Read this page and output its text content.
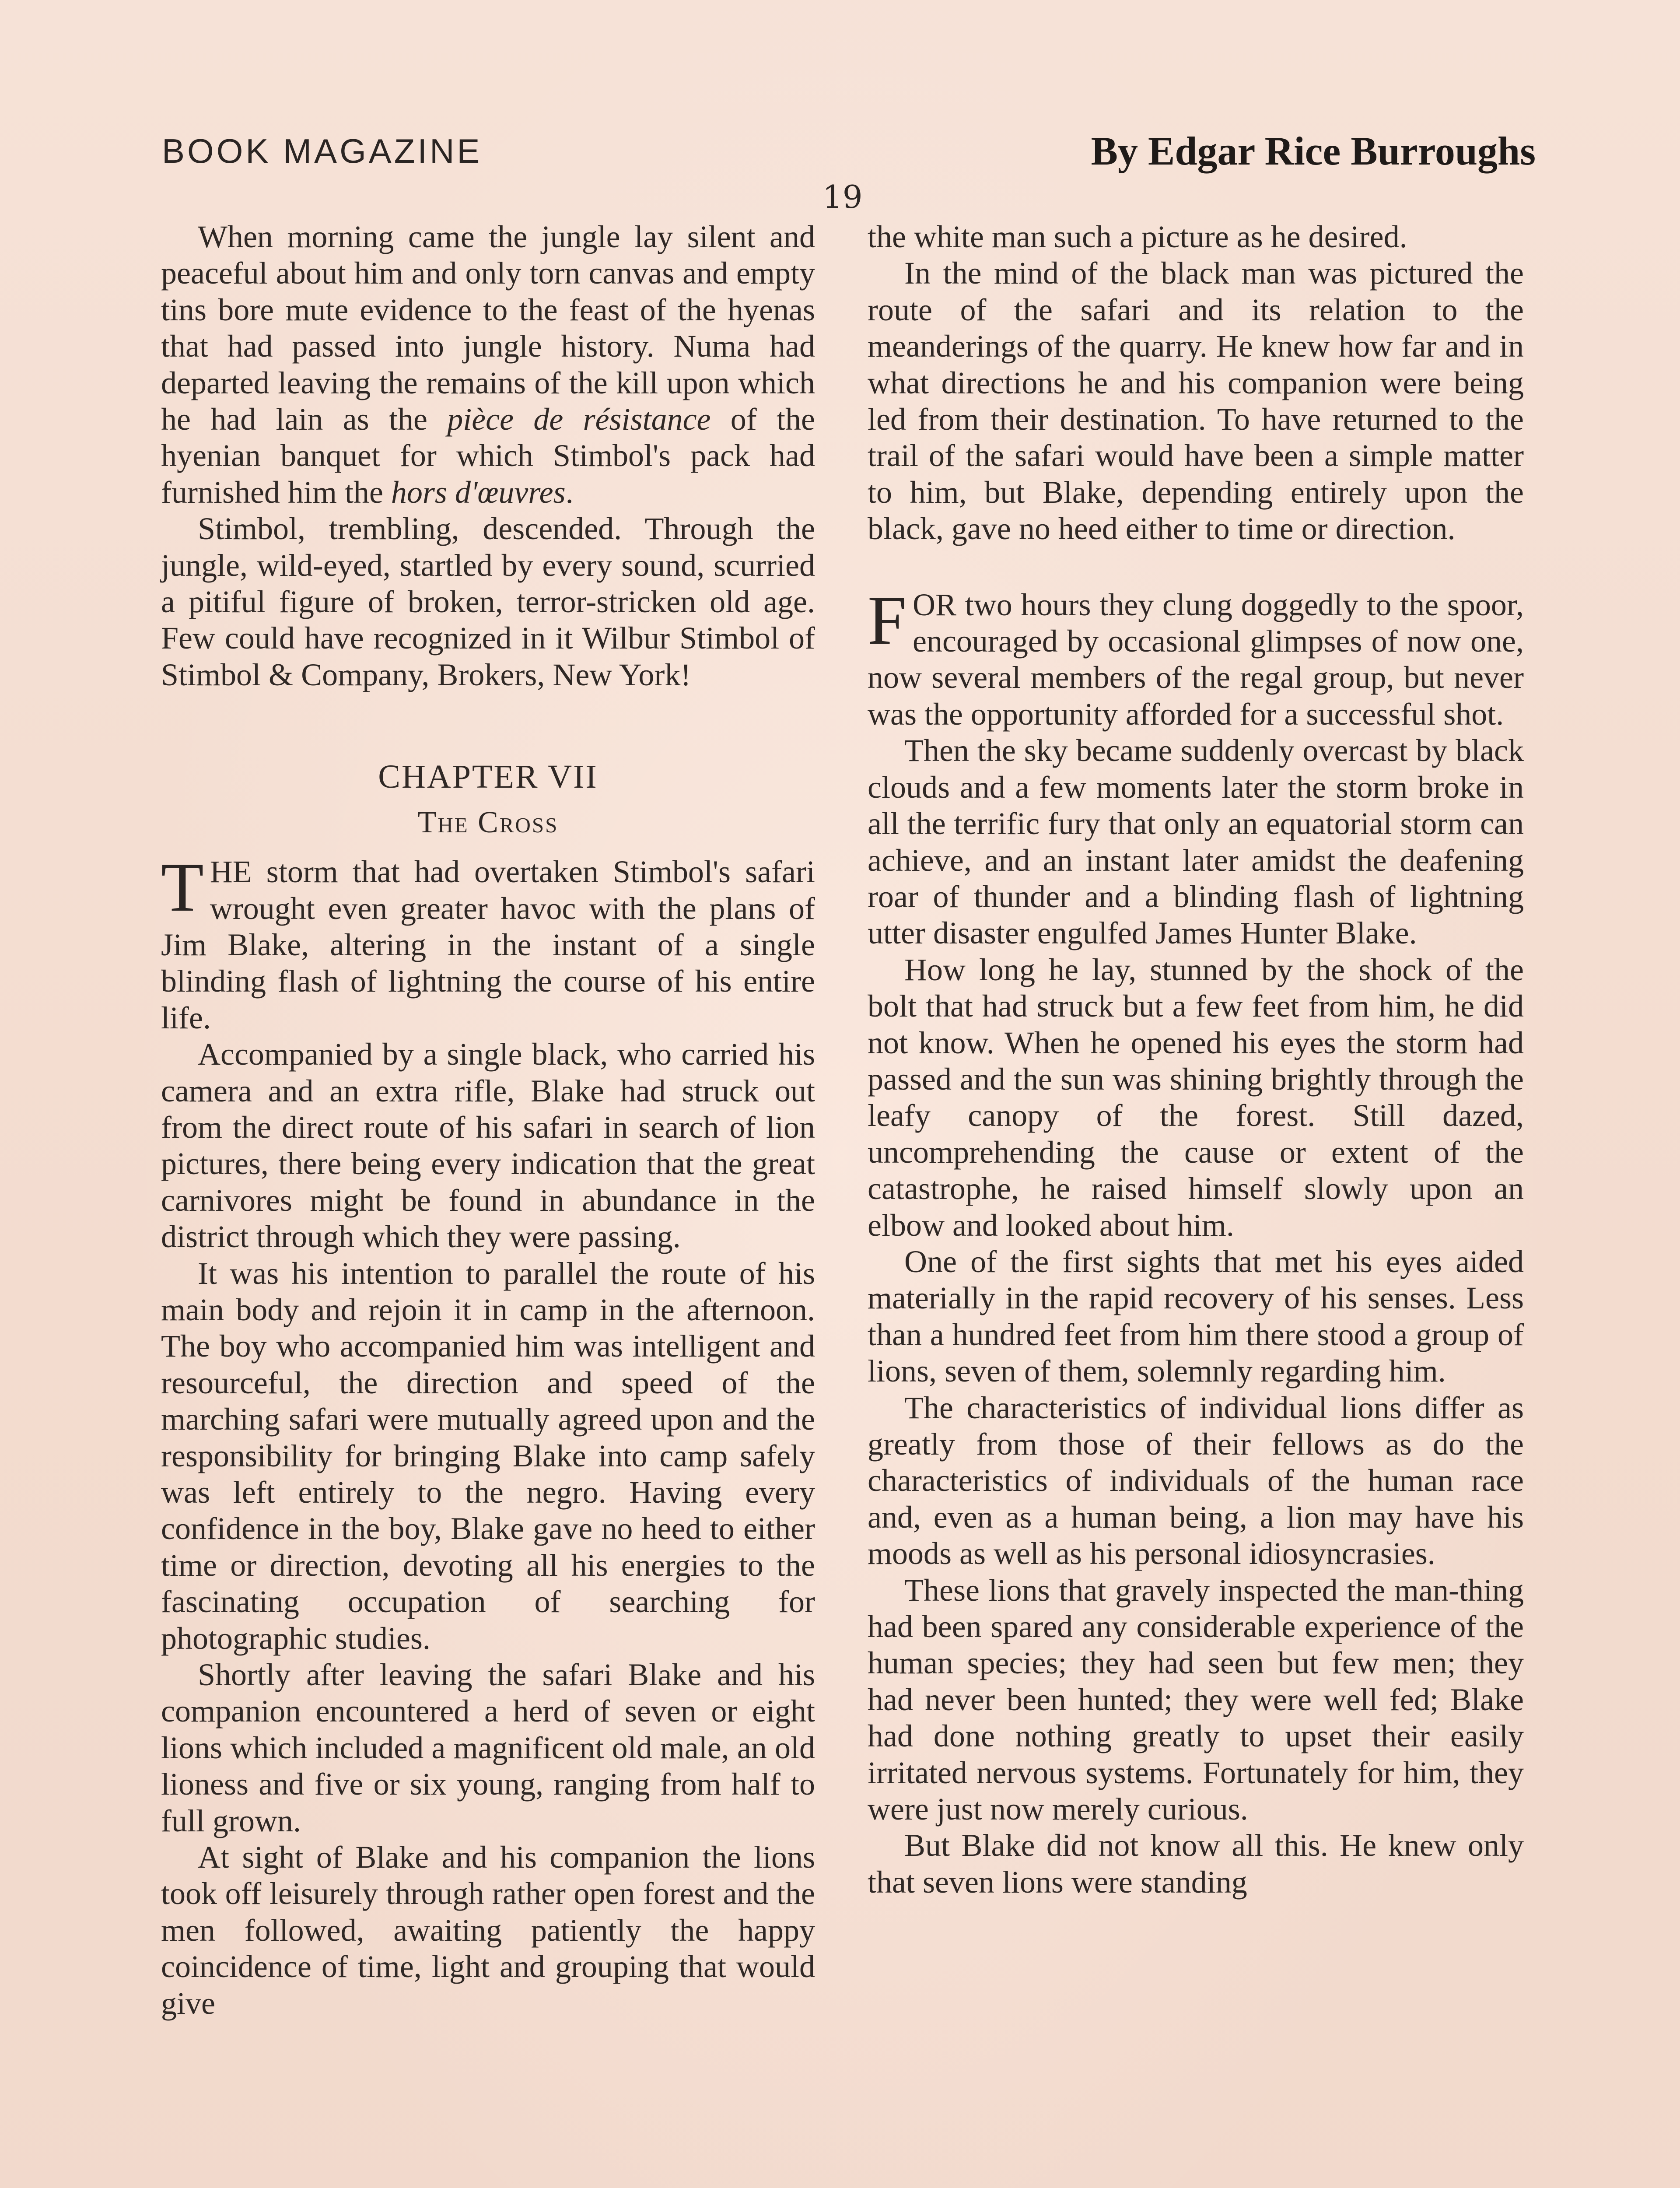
BOOK MAGAZINE	By Edgar Rice Burroughs
19

When morning came the jungle lay silent and peaceful about him and only torn canvas and empty tins bore mute evidence to the feast of the hyenas that had passed into jungle history. Numa had departed leaving the remains of the kill upon which he had lain as the pièce de résistance of the hyenian banquet for which Stimbol's pack had furnished him the hors d'œuvres.

Stimbol, trembling, descended. Through the jungle, wild-eyed, startled by every sound, scurried a pitiful figure of broken, terror-stricken old age. Few could have recognized in it Wilbur Stimbol of Stimbol & Company, Brokers, New York!

CHAPTER VII
The Cross

THE storm that had overtaken Stimbol's safari wrought even greater havoc with the plans of Jim Blake, altering in the instant of a single blinding flash of lightning the course of his entire life.

Accompanied by a single black, who carried his camera and an extra rifle, Blake had struck out from the direct route of his safari in search of lion pictures, there being every indication that the great carnivores might be found in abundance in the district through which they were passing.

It was his intention to parallel the route of his main body and rejoin it in camp in the afternoon. The boy who accompanied him was intelligent and resourceful, the direction and speed of the marching safari were mutually agreed upon and the responsibility for bringing Blake into camp safely was left entirely to the negro. Having every confidence in the boy, Blake gave no heed to either time or direction, devoting all his energies to the fascinating occupation of searching for photographic studies.

Shortly after leaving the safari Blake and his companion encountered a herd of seven or eight lions which included a magnificent old male, an old lioness and five or six young, ranging from half to full grown.

At sight of Blake and his companion the lions took off leisurely through rather open forest and the men followed, awaiting patiently the happy coincidence of time, light and grouping that would give

the white man such a picture as he desired.

In the mind of the black man was pictured the route of the safari and its relation to the meanderings of the quarry. He knew how far and in what directions he and his companion were being led from their destination. To have returned to the trail of the safari would have been a simple matter to him, but Blake, depending entirely upon the black, gave no heed either to time or direction.

FOR two hours they clung doggedly to the spoor, encouraged by occasional glimpses of now one, now several members of the regal group, but never was the opportunity afforded for a successful shot.

Then the sky became suddenly overcast by black clouds and a few moments later the storm broke in all the terrific fury that only an equatorial storm can achieve, and an instant later amidst the deafening roar of thunder and a blinding flash of lightning utter disaster engulfed James Hunter Blake.

How long he lay, stunned by the shock of the bolt that had struck but a few feet from him, he did not know. When he opened his eyes the storm had passed and the sun was shining brightly through the leafy canopy of the forest. Still dazed, uncomprehending the cause or extent of the catastrophe, he raised himself slowly upon an elbow and looked about him.

One of the first sights that met his eyes aided materially in the rapid recovery of his senses. Less than a hundred feet from him there stood a group of lions, seven of them, solemnly regarding him.

The characteristics of individual lions differ as greatly from those of their fellows as do the characteristics of individuals of the human race and, even as a human being, a lion may have his moods as well as his personal idiosyncrasies.

These lions that gravely inspected the man-thing had been spared any considerable experience of the human species; they had seen but few men; they had never been hunted; they were well fed; Blake had done nothing greatly to upset their easily irritated nervous systems. Fortunately for him, they were just now merely curious.

But Blake did not know all this. He knew only that seven lions were standing
